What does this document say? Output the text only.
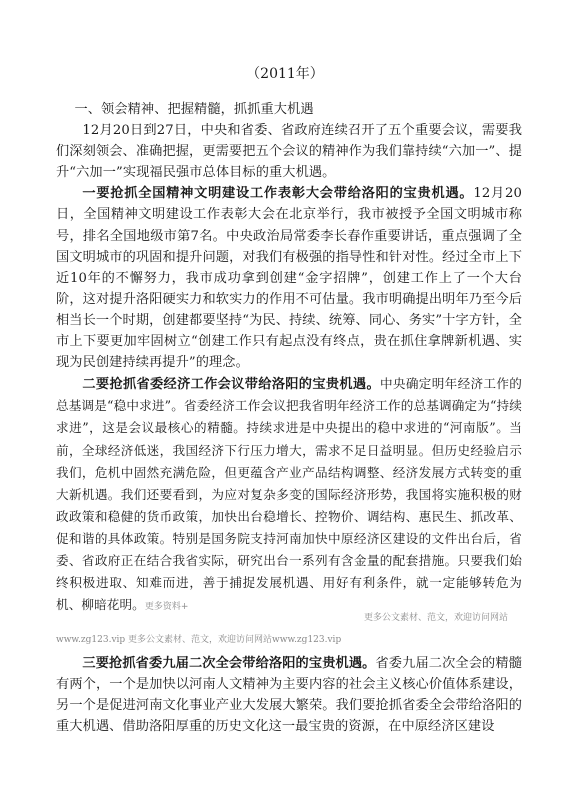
（2011年）

一、领会精神、把握精髓，抓抓重大机遇

12月20日到27日，中央和省委、省政府连续召开了五个重要会议，需要我们深刻领会、准确把握，更需要把五个会议的精神作为我们靠持续“六加一”、提升“六加一”实现福民强市总体目标的重大机遇。

一要抢抓全国精神文明建设工作表彰大会带给洛阳的宝贵机遇。12月20日，全国精神文明建设工作表彰大会在北京举行，我市被授予全国文明城市称号，排名全国地级市第7名。中央政治局常委李长春作重要讲话，重点强调了全国文明城市的巩固和提升问题，对我们有极强的指导性和针对性。经过全市上下近10年的不懈努力，我市成功拿到创建“金字招牌”，创建工作上了一个大台阶，这对提升洛阳硬实力和软实力的作用不可估量。我市明确提出明年乃至今后相当长一个时期，创建都要坚持“为民、持续、统筹、同心、务实”十字方针，全市上下要更加牢固树立“创建工作只有起点没有终点，贵在抓住拿牌新机遇、实现为民创建持续再提升”的理念。

二要抢抓省委经济工作会议带给洛阳的宝贵机遇。中央确定明年经济工作的总基调是“稳中求进”。省委经济工作会议把我省明年经济工作的总基调确定为“持续求进”，这是会议最核心的精髓。持续求进是中央提出的稳中求进的“河南版”。当前，全球经济低迷，我国经济下行压力增大，需求不足日益明显。但历史经验启示我们，危机中固然充满危险，但更蕴含产业产品结构调整、经济发展方式转变的重大新机遇。我们还要看到，为应对复杂多变的国际经济形势，我国将实施积极的财政政策和稳健的货币政策，加快出台稳增长、控物价、调结构、惠民生、抓改革、促和谐的具体政策。特别是国务院支持河南加快中原经济区建设的文件出台后，省委、省政府正在结合我省实际，研究出台一系列有含金量的配套措施。只要我们始终积极进取、知难而进，善于捕捉发展机遇、用好有利条件，就一定能够转危为机、柳暗花明。更多资料+

更多公文素材、范文，欢迎访问网站
www.zg123.vip 更多公文素材、范文，欢迎访问网站www.zg123.vip

三要抢抓省委九届二次全会带给洛阳的宝贵机遇。省委九届二次全会的精髓有两个，一个是加快以河南人文精神为主要内容的社会主义核心价值体系建设，另一个是促进河南文化事业产业大发展大繁荣。我们要抢抓省委全会带给洛阳的重大机遇、借助洛阳厚重的历史文化这一最宝贵的资源，在中原经济区建设
